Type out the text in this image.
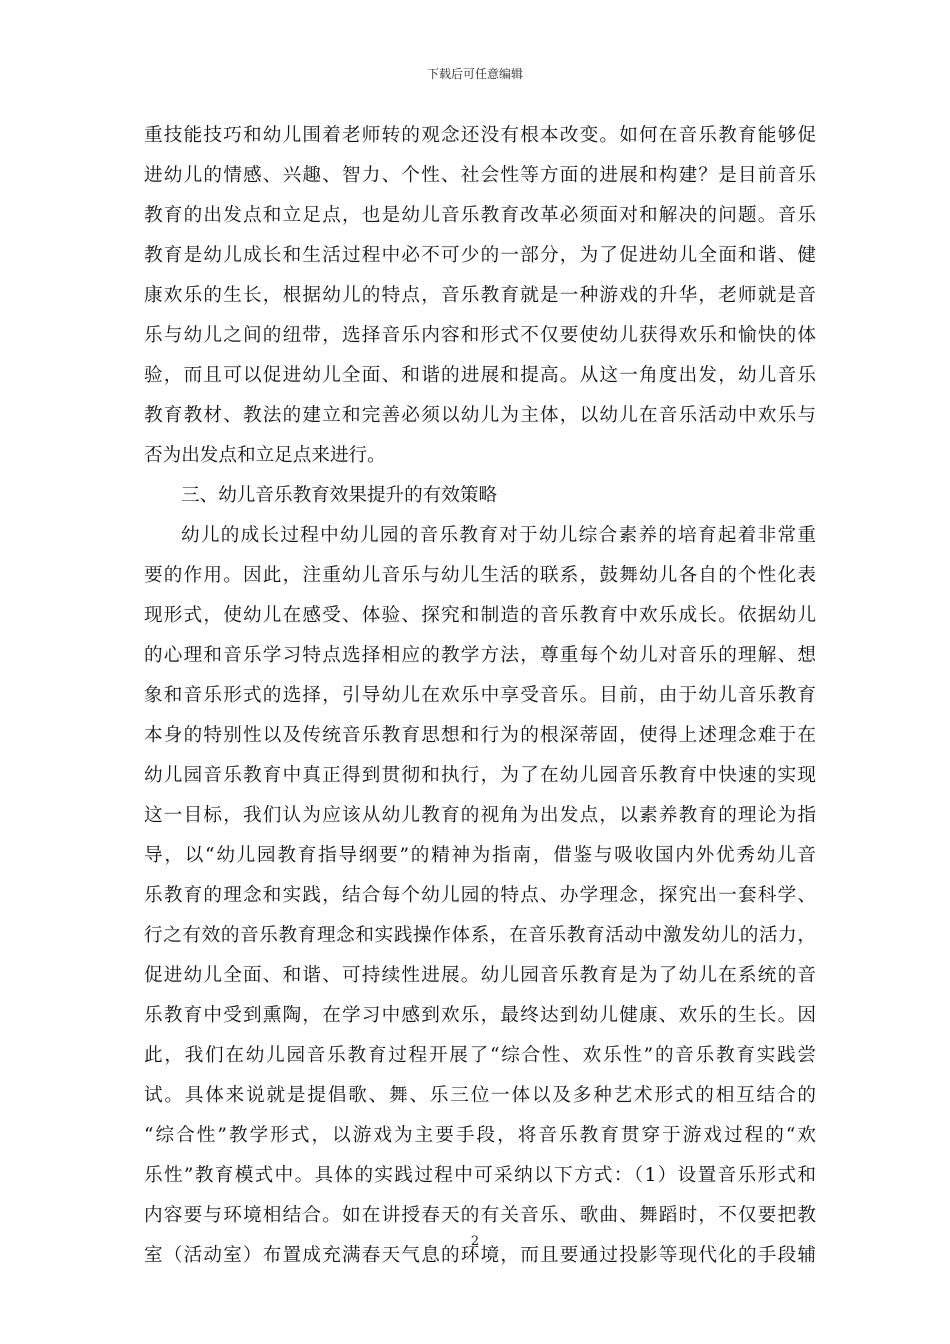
下载后可任意编辑
重技能技巧和幼儿围着老师转的观念还没有根本改变。如何在音乐教育能够促
进幼儿的情感、兴趣、智力、个性、社会性等方面的进展和构建？是目前音乐
教育的出发点和立足点，也是幼儿音乐教育改革必须面对和解决的问题。音乐
教育是幼儿成长和生活过程中必不可少的一部分，为了促进幼儿全面和谐、健
康欢乐的生长，根据幼儿的特点，音乐教育就是一种游戏的升华，老师就是音
乐与幼儿之间的纽带，选择音乐内容和形式不仅要使幼儿获得欢乐和愉快的体
验，而且可以促进幼儿全面、和谐的进展和提高。从这一角度出发，幼儿音乐
教育教材、教法的建立和完善必须以幼儿为主体，以幼儿在音乐活动中欢乐与
否为出发点和立足点来进行。
三、幼儿音乐教育效果提升的有效策略
幼儿的成长过程中幼儿园的音乐教育对于幼儿综合素养的培育起着非常重
要的作用。因此，注重幼儿音乐与幼儿生活的联系，鼓舞幼儿各自的个性化表
现形式，使幼儿在感受、体验、探究和制造的音乐教育中欢乐成长。依据幼儿
的心理和音乐学习特点选择相应的教学方法，尊重每个幼儿对音乐的理解、想
象和音乐形式的选择，引导幼儿在欢乐中享受音乐。目前，由于幼儿音乐教育
本身的特别性以及传统音乐教育思想和行为的根深蒂固，使得上述理念难于在
幼儿园音乐教育中真正得到贯彻和执行，为了在幼儿园音乐教育中快速的实现
这一目标，我们认为应该从幼儿教育的视角为出发点，以素养教育的理论为指
导，以“幼儿园教育指导纲要”的精神为指南，借鉴与吸收国内外优秀幼儿音
乐教育的理念和实践，结合每个幼儿园的特点、办学理念，探究出一套科学、
行之有效的音乐教育理念和实践操作体系，在音乐教育活动中激发幼儿的活力，
促进幼儿全面、和谐、可持续性进展。幼儿园音乐教育是为了幼儿在系统的音
乐教育中受到熏陶，在学习中感到欢乐，最终达到幼儿健康、欢乐的生长。因
此，我们在幼儿园音乐教育过程开展了“综合性、欢乐性”的音乐教育实践尝
试。具体来说就是提倡歌、舞、乐三位一体以及多种艺术形式的相互结合的
“综合性”教学形式，以游戏为主要手段，将音乐教育贯穿于游戏过程的“欢
乐性”教育模式中。具体的实践过程中可采纳以下方式：（1）设置音乐形式和
内容要与环境相结合。如在讲授春天的有关音乐、歌曲、舞蹈时，不仅要把教
室（活动室）布置成充满春天气息的环境，而且要通过投影等现代化的手段辅
2
